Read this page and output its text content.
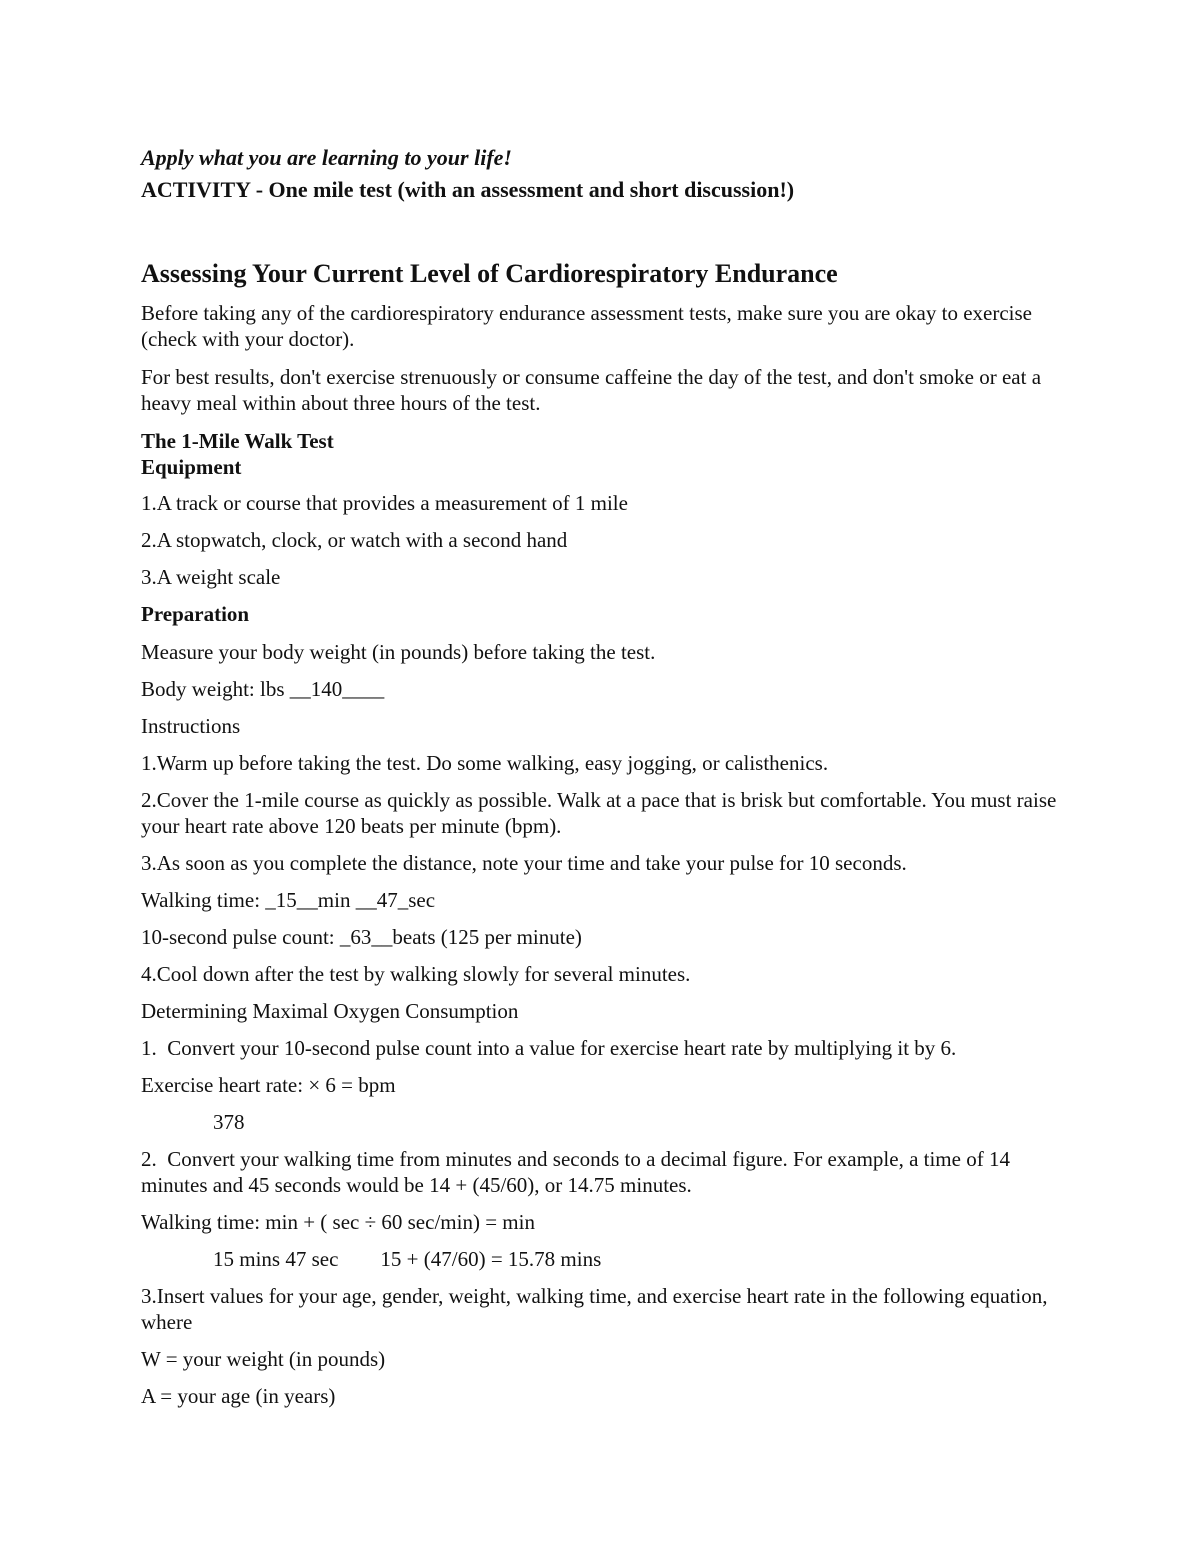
Apply what you are learning to your life!

ACTIVITY - One mile test (with an assessment and short discussion!)

Assessing Your Current Level of Cardiorespiratory Endurance

Before taking any of the cardiorespiratory endurance assessment tests, make sure you are okay to exercise (check with your doctor).

For best results, don't exercise strenuously or consume caffeine the day of the test, and don't smoke or eat a heavy meal within about three hours of the test.

The 1-Mile Walk Test

Equipment

1.A track or course that provides a measurement of 1 mile

2.A stopwatch, clock, or watch with a second hand

3.A weight scale

Preparation

Measure your body weight (in pounds) before taking the test.

Body weight: lbs __140____

Instructions

1.Warm up before taking the test. Do some walking, easy jogging, or calisthenics.

2.Cover the 1-mile course as quickly as possible. Walk at a pace that is brisk but comfortable. You must raise your heart rate above 120 beats per minute (bpm).

3.As soon as you complete the distance, note your time and take your pulse for 10 seconds.

Walking time: _15__min __47_sec

10-second pulse count: _63__beats (125 per minute)

4.Cool down after the test by walking slowly for several minutes.

Determining Maximal Oxygen Consumption

1.  Convert your 10-second pulse count into a value for exercise heart rate by multiplying it by 6.

Exercise heart rate: × 6 = bpm

378

2.  Convert your walking time from minutes and seconds to a decimal figure. For example, a time of 14 minutes and 45 seconds would be 14 + (45/60), or 14.75 minutes.

Walking time: min + ( sec ÷ 60 sec/min) = min

15 mins 47 sec        15 + (47/60) = 15.78 mins

3.Insert values for your age, gender, weight, walking time, and exercise heart rate in the following equation, where

W = your weight (in pounds)

A = your age (in years)
